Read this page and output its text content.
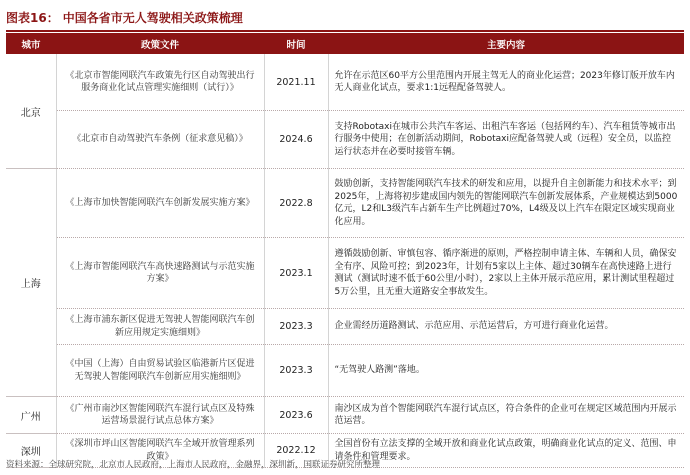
图表16： 中国各省市无人驾驶相关政策梳理
城市	政策文件	时间	主要内容
北京	《北京市智能网联汽车政策先行区自动驾驶出行服务商业化试点管理实施细则（试行）》	2021.11	允许在示范区60平方公里范围内开展主驾无人的商业化运营；2023年修订版开放车内无人商业化试点，要求1:1远程配备驾驶人。
	《北京市自动驾驶汽车条例（征求意见稿）》	2024.6	支持Robotaxi在城市公共汽车客运、出租汽车客运（包括网约车）、汽车租赁等城市出行服务中使用；在创新活动期间，Robotaxi应配备驾驶人或（远程）安全员，以监控运行状态并在必要时接管车辆。
上海	《上海市加快智能网联汽车创新发展实施方案》	2022.8	鼓励创新，支持智能网联汽车技术的研发和应用，以提升自主创新能力和技术水平；到2025年，上海将初步建成国内领先的智能网联汽车创新发展体系，产业规模达到5000亿元，L2和L3级汽车占新车生产比例超过70%，L4级及以上汽车在限定区域实现商业化应用。
	《上海市智能网联汽车高快速路测试与示范实施方案》	2023.1	遵循鼓励创新、审慎包容、循序渐进的原则，严格控制申请主体、车辆和人员，确保安全有序、风险可控；到2023年，计划有5家以上主体、超过30辆车在高快速路上进行测试（测试时速不低于60公里/小时），2家以上主体开展示范应用，累计测试里程超过5万公里，且无重大道路安全事故发生。
	《上海市浦东新区促进无驾驶人智能网联汽车创新应用规定实施细则》	2023.3	企业需经历道路测试、示范应用、示范运营后，方可进行商业化运营。
	《中国（上海）自由贸易试验区临港新片区促进无驾驶人智能网联汽车创新应用实施细则》	2023.3	“无驾驶人路测”落地。
广州	《广州市南沙区智能网联汽车混行试点区及特殊运营场景混行试点总体方案》	2023.6	南沙区成为首个智能网联汽车混行试点区，符合条件的企业可在规定区域范围内开展示范运营。
深圳	《深圳市坪山区智能网联汽车全域开放管理系列政策》	2022.12	全国首份有立法支撑的全域开放和商业化试点政策，明确商业化试点的定义、范围、申请条件和管理要求。
资料来源：全球研究院，北京市人民政府，上海市人民政府，金融界，深圳新，国联证券研究所整理
